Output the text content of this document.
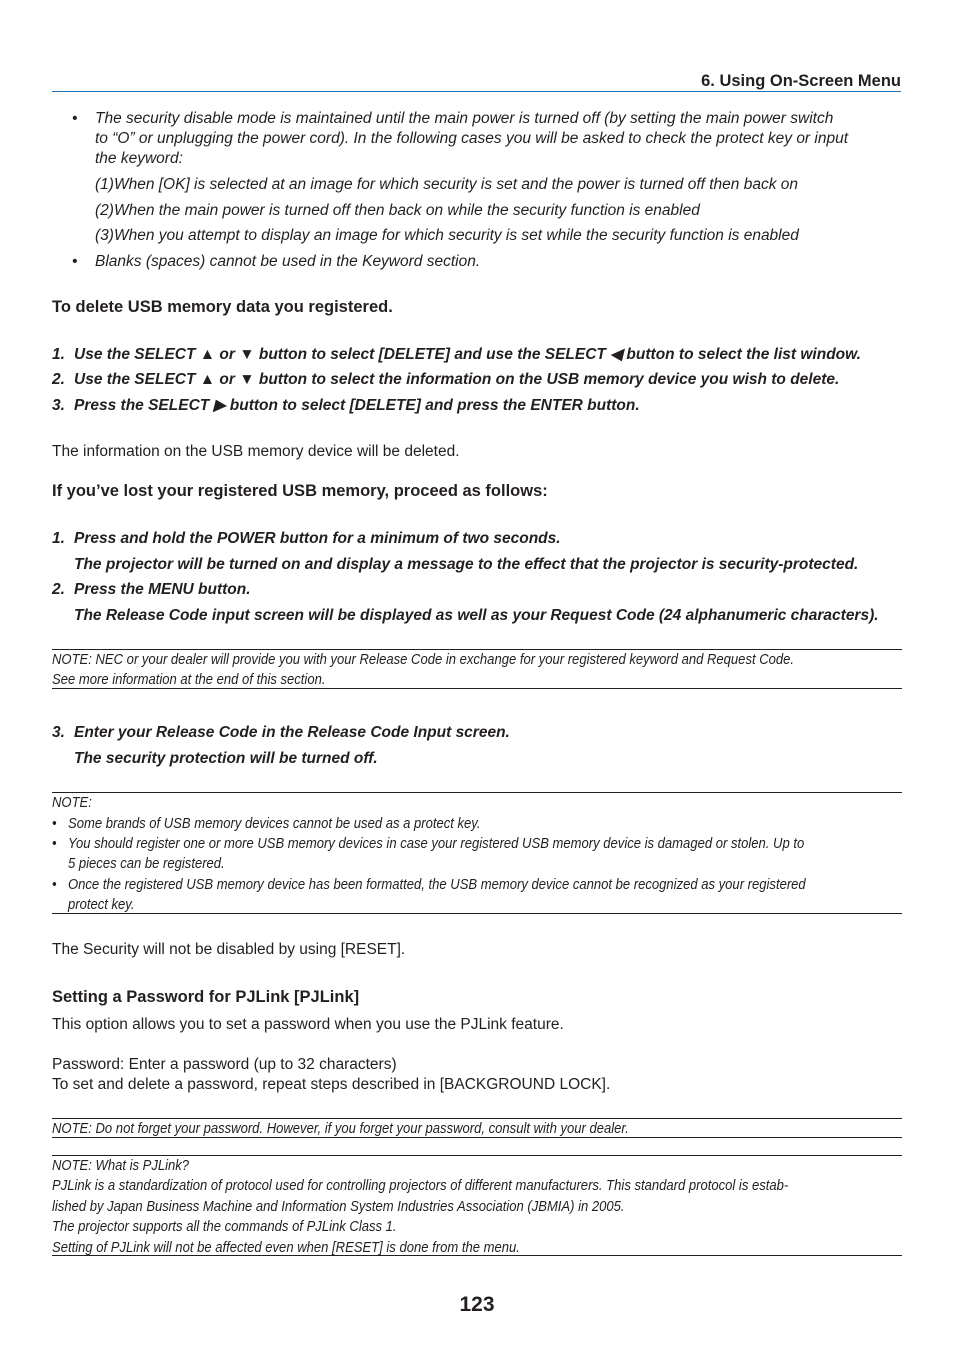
6. Using On-Screen Menu
• The security disable mode is maintained until the main power is turned off (by setting the main power switch
to “O” or unplugging the power cord). In the following cases you will be asked to check the protect key or input
the keyword:
(1)When [OK] is selected at an image for which security is set and the power is turned off then back on
(2)When the main power is turned off then back on while the security function is enabled
(3)When you attempt to display an image for which security is set while the security function is enabled
• Blanks (spaces) cannot be used in the Keyword section.
To delete USB memory data you registered.
1. Use the SELECT ▲ or ▼ button to select [DELETE] and use the SELECT ◀ button to select the list window.
2. Use the SELECT ▲ or ▼ button to select the information on the USB memory device you wish to delete.
3. Press the SELECT ▶ button to select [DELETE] and press the ENTER button.
The information on the USB memory device will be deleted.
If you’ve lost your registered USB memory, proceed as follows:
1. Press and hold the POWER button for a minimum of two seconds.
The projector will be turned on and display a message to the effect that the projector is security-protected.
2. Press the MENU button.
The Release Code input screen will be displayed as well as your Request Code (24 alphanumeric characters).
NOTE: NEC or your dealer will provide you with your Release Code in exchange for your registered keyword and Request Code.
See more information at the end of this section.
3. Enter your Release Code in the Release Code Input screen.
The security protection will be turned off.
NOTE:
• Some brands of USB memory devices cannot be used as a protect key.
• You should register one or more USB memory devices in case your registered USB memory device is damaged or stolen. Up to
5 pieces can be registered.
• Once the registered USB memory device has been formatted, the USB memory device cannot be recognized as your registered
protect key.
The Security will not be disabled by using [RESET].
Setting a Password for PJLink [PJLink]
This option allows you to set a password when you use the PJLink feature.
Password: Enter a password (up to 32 characters)
To set and delete a password, repeat steps described in [BACKGROUND LOCK].
NOTE: Do not forget your password. However, if you forget your password, consult with your dealer.
NOTE: What is PJLink?
PJLink is a standardization of protocol used for controlling projectors of different manufacturers. This standard protocol is estab-
lished by Japan Business Machine and Information System Industries Association (JBMIA) in 2005.
The projector supports all the commands of PJLink Class 1.
Setting of PJLink will not be affected even when [RESET] is done from the menu.
123
